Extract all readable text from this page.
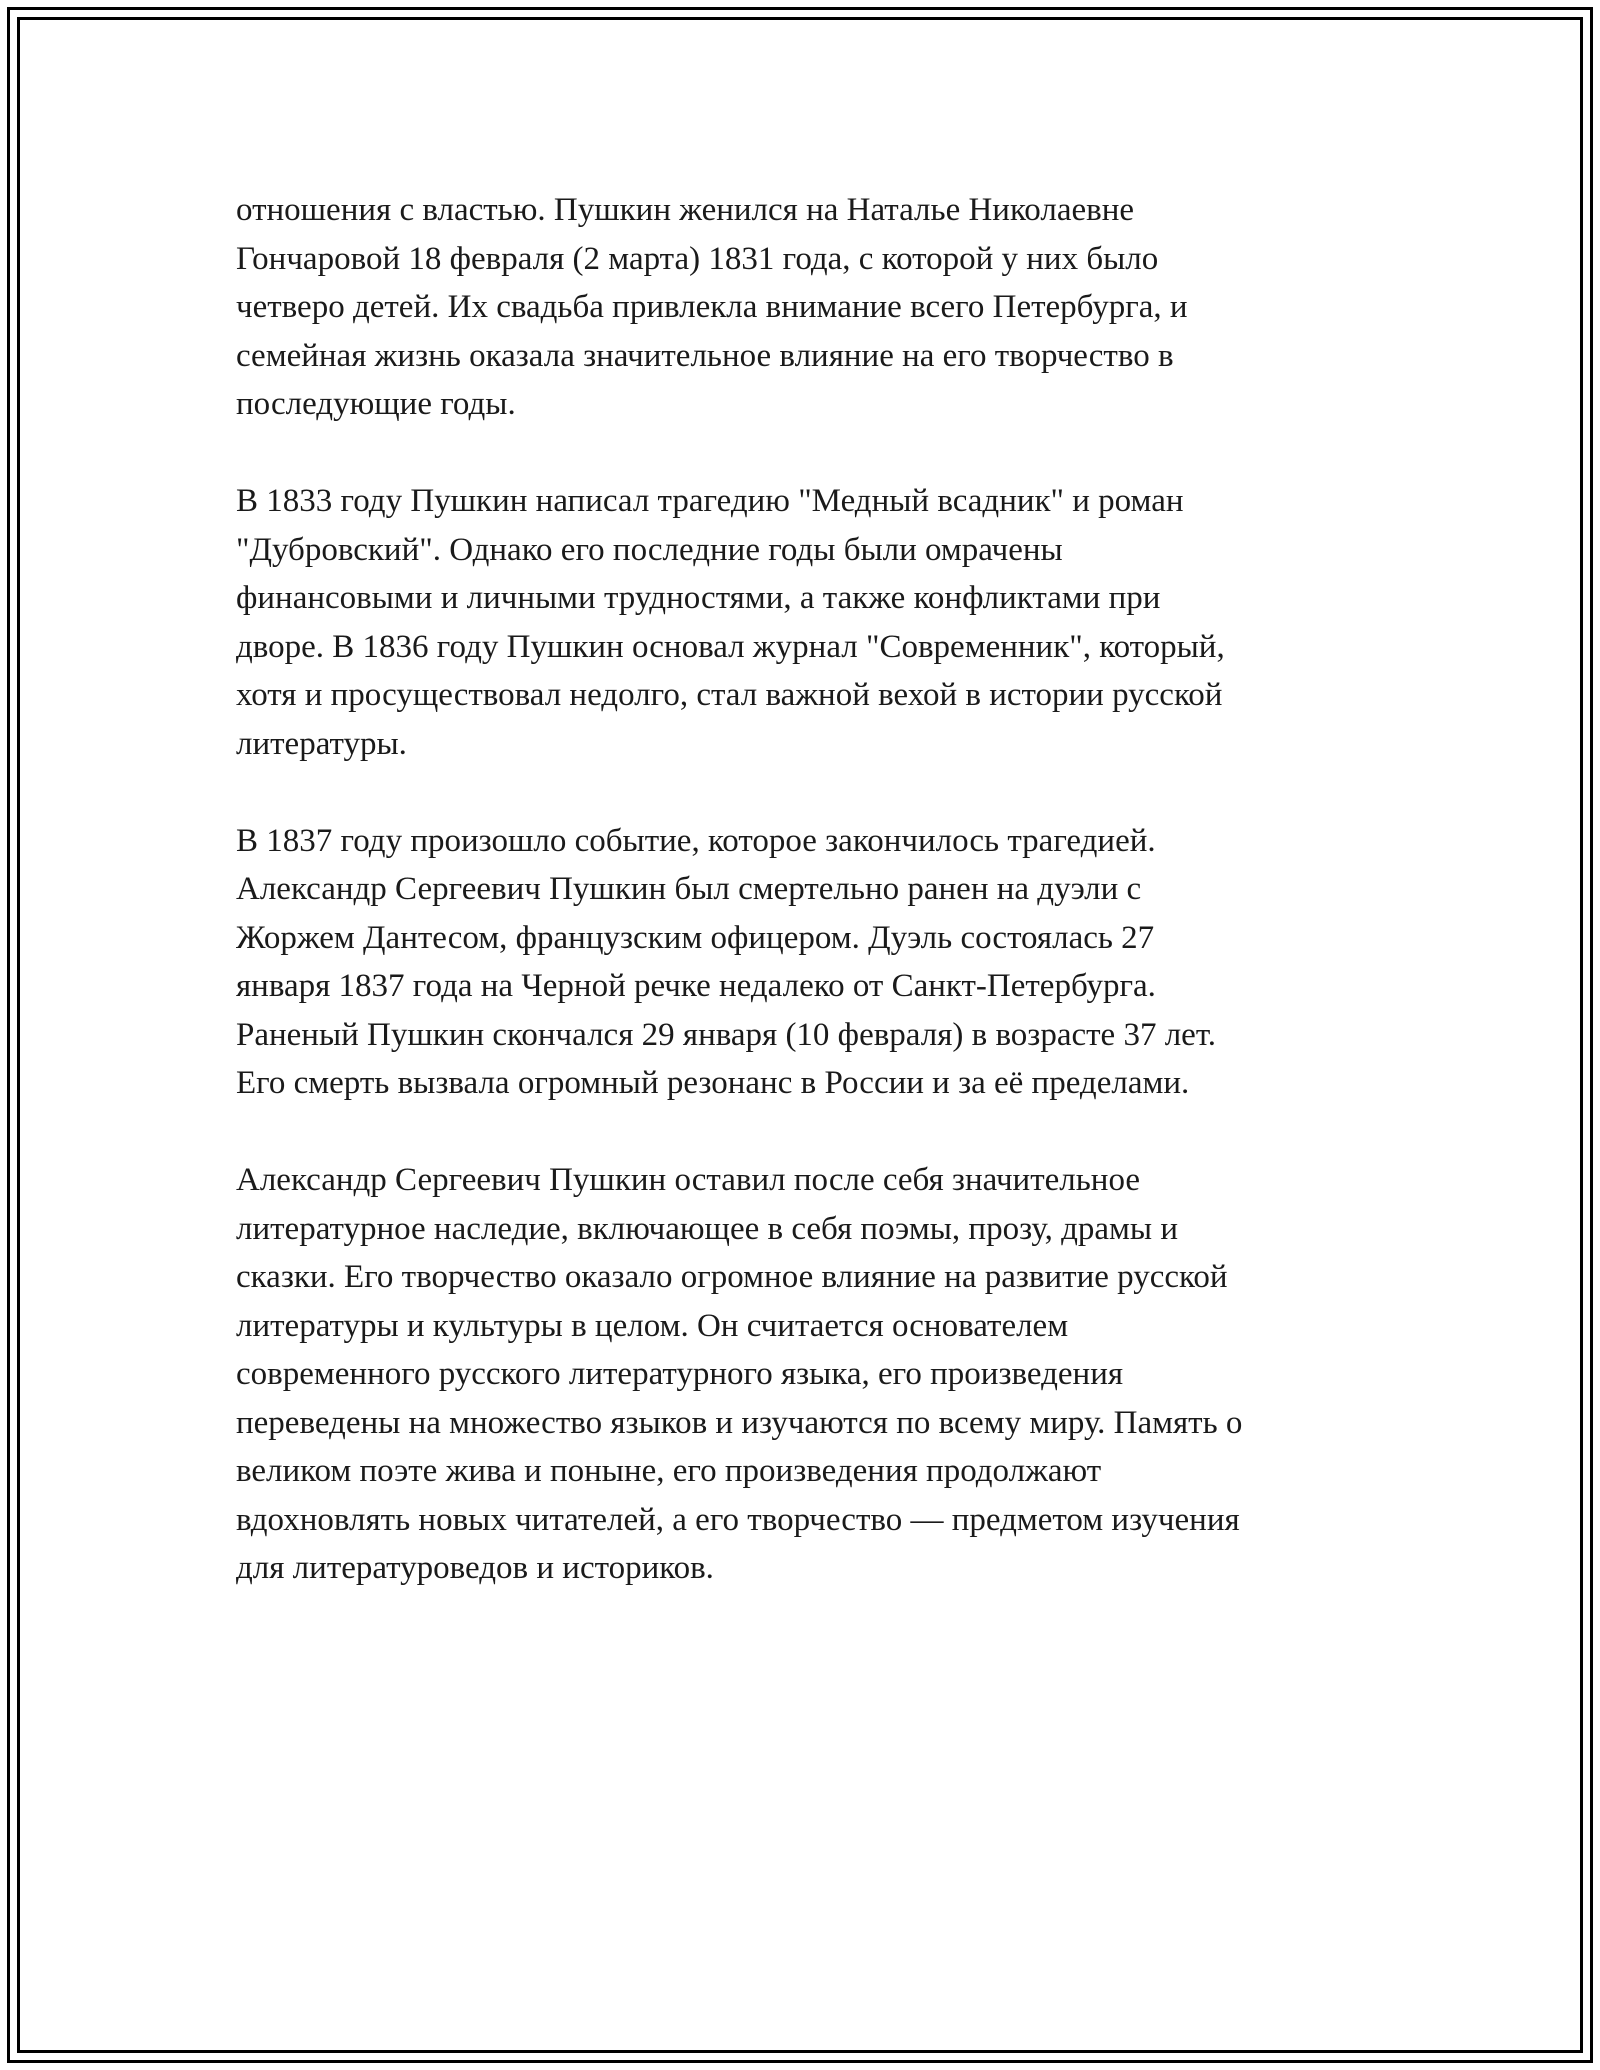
отношения с властью. Пушкин женился на Наталье Николаевне
Гончаровой 18 февраля (2 марта) 1831 года, с которой у них было
четверо детей. Их свадьба привлекла внимание всего Петербурга, и
семейная жизнь оказала значительное влияние на его творчество в
последующие годы.

В 1833 году Пушкин написал трагедию "Медный всадник" и роман
"Дубровский". Однако его последние годы были омрачены
финансовыми и личными трудностями, а также конфликтами при
дворе. В 1836 году Пушкин основал журнал "Современник", который,
хотя и просуществовал недолго, стал важной вехой в истории русской
литературы.

В 1837 году произошло событие, которое закончилось трагедией.
Александр Сергеевич Пушкин был смертельно ранен на дуэли с
Жоржем Дантесом, французским офицером. Дуэль состоялась 27
января 1837 года на Черной речке недалеко от Санкт-Петербурга.
Раненый Пушкин скончался 29 января (10 февраля) в возрасте 37 лет.
Его смерть вызвала огромный резонанс в России и за её пределами.

Александр Сергеевич Пушкин оставил после себя значительное
литературное наследие, включающее в себя поэмы, прозу, драмы и
сказки. Его творчество оказало огромное влияние на развитие русской
литературы и культуры в целом. Он считается основателем
современного русского литературного языка, его произведения
переведены на множество языков и изучаются по всему миру. Память о
великом поэте жива и поныне, его произведения продолжают
вдохновлять новых читателей, а его творчество — предметом изучения
для литературоведов и историков.
